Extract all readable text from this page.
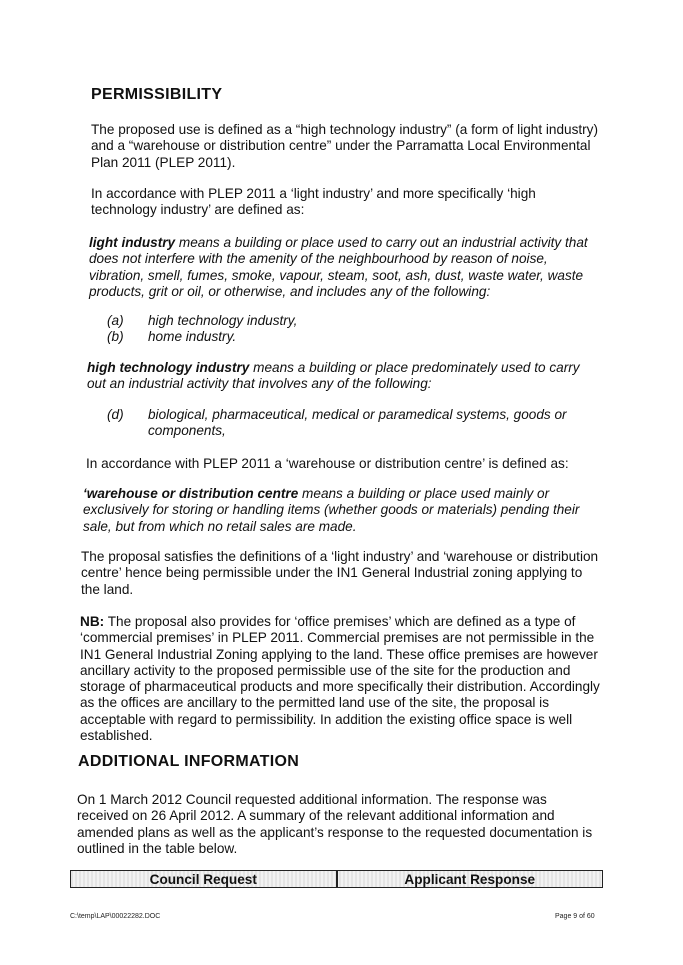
PERMISSIBILITY

The proposed use is defined as a “high technology industry” (a form of light industry) and a “warehouse or distribution centre” under the Parramatta Local Environmental Plan 2011 (PLEP 2011).

In accordance with PLEP 2011 a ‘light industry’ and more specifically ‘high technology industry’ are defined as:

light industry means a building or place used to carry out an industrial activity that does not interfere with the amenity of the neighbourhood by reason of noise, vibration, smell, fumes, smoke, vapour, steam, soot, ash, dust, waste water, waste products, grit or oil, or otherwise, and includes any of the following:

(a) high technology industry,
(b) home industry.

high technology industry means a building or place predominately used to carry out an industrial activity that involves any of the following:

(d) biological, pharmaceutical, medical or paramedical systems, goods or components,

In accordance with PLEP 2011 a ‘warehouse or distribution centre’ is defined as:

‘warehouse or distribution centre means a building or place used mainly or exclusively for storing or handling items (whether goods or materials) pending their sale, but from which no retail sales are made.

The proposal satisfies the definitions of a ‘light industry’ and ‘warehouse or distribution centre’ hence being permissible under the IN1 General Industrial zoning applying to the land.

NB: The proposal also provides for ‘office premises’ which are defined as a type of ‘commercial premises’ in PLEP 2011. Commercial premises are not permissible in the IN1 General Industrial Zoning applying to the land. These office premises are however ancillary activity to the proposed permissible use of the site for the production and storage of pharmaceutical products and more specifically their distribution. Accordingly as the offices are ancillary to the permitted land use of the site, the proposal is acceptable with regard to permissibility. In addition the existing office space is well established.

ADDITIONAL INFORMATION

On 1 March 2012 Council requested additional information. The response was received on 26 April 2012. A summary of the relevant additional information and amended plans as well as the applicant’s response to the requested documentation is outlined in the table below.

Council Request	Applicant Response
C:\temp\LAP\00022282.DOC	Page 9 of 60
